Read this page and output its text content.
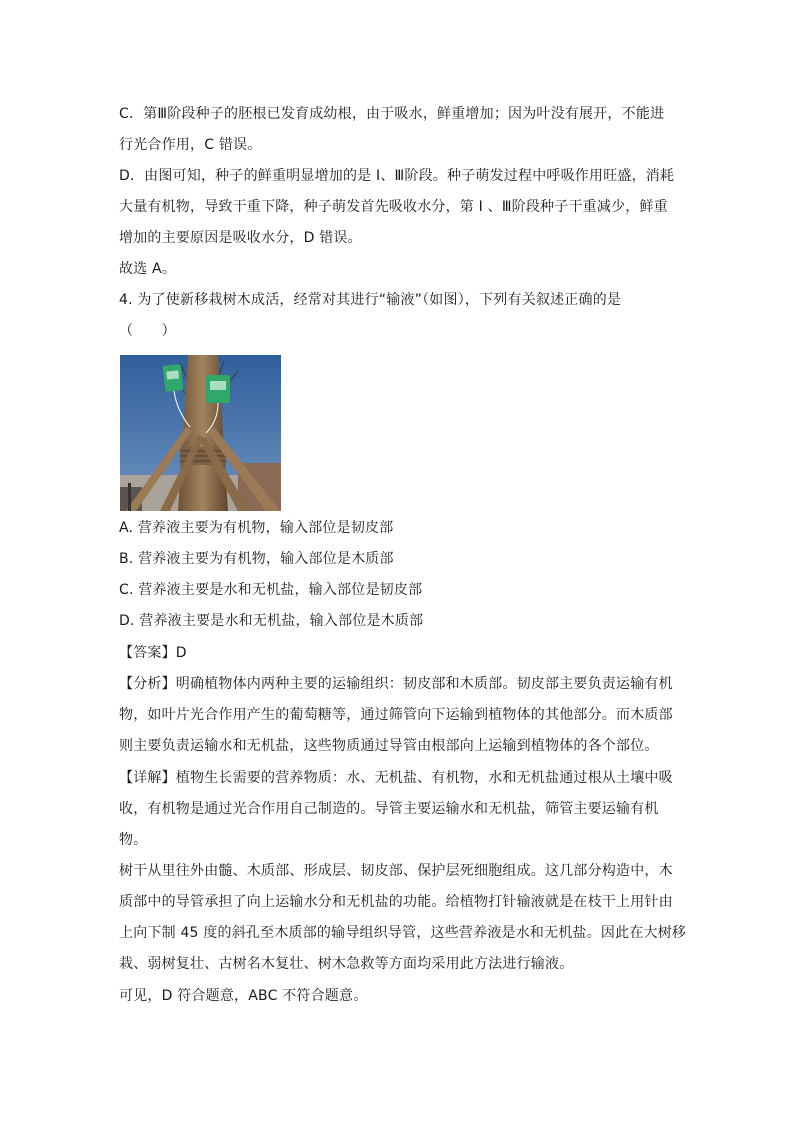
C．第Ⅲ阶段种子的胚根已发育成幼根，由于吸水，鲜重增加；因为叶没有展开，不能进
行光合作用，C 错误。
D．由图可知，种子的鲜重明显增加的是 I、Ⅲ阶段。种子萌发过程中呼吸作用旺盛，消耗
大量有机物，导致干重下降，种子萌发首先吸收水分，第 I 、Ⅲ阶段种子干重减少，鲜重
增加的主要原因是吸收水分，D 错误。
故选 A。
4. 为了使新移栽树木成活，经常对其进行“输液”（如图），下列有关叙述正确的是
（　　）
A. 营养液主要为有机物，输入部位是韧皮部
B. 营养液主要为有机物，输入部位是木质部
C. 营养液主要是水和无机盐，输入部位是韧皮部
D. 营养液主要是水和无机盐，输入部位是木质部
【答案】D
【分析】明确植物体内两种主要的运输组织：韧皮部和木质部。韧皮部主要负责运输有机
物，如叶片光合作用产生的葡萄糖等，通过筛管向下运输到植物体的其他部分。而木质部
则主要负责运输水和无机盐，这些物质通过导管由根部向上运输到植物体的各个部位。
【详解】植物生长需要的营养物质：水、无机盐、有机物，水和无机盐通过根从土壤中吸
收，有机物是通过光合作用自己制造的。导管主要运输水和无机盐，筛管主要运输有机
物。
树干从里往外由髓、木质部、形成层、韧皮部、保护层死细胞组成。这几部分构造中，木
质部中的导管承担了向上运输水分和无机盐的功能。给植物打针输液就是在枝干上用针由
上向下制 45 度的斜孔至木质部的输导组织导管，这些营养液是水和无机盐。因此在大树移
栽、弱树复壮、古树名木复壮、树木急救等方面均采用此方法进行输液。
可见，D 符合题意，ABC 不符合题意。
